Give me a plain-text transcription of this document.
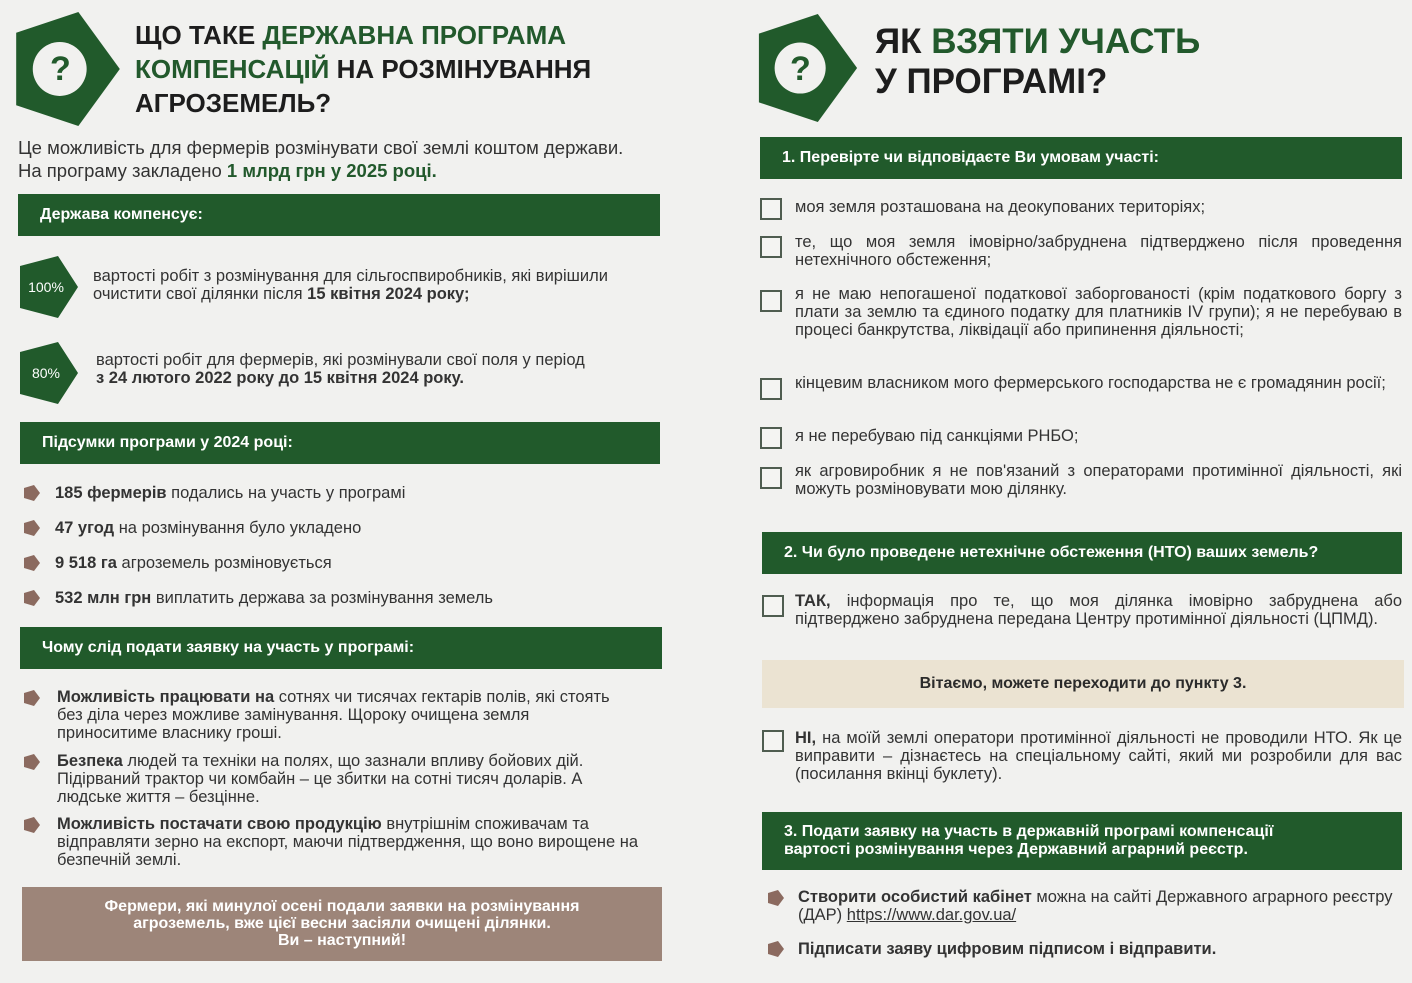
?
ЩО ТАКЕ ДЕРЖАВНА ПРОГРАМА
КОМПЕНСАЦІЙ НА РОЗМІНУВАННЯ
АГРОЗЕМЕЛЬ?
Це можливість для фермерів розмінувати свої землі коштом держави. На програму закладено 1 млрд грн у 2025 році.
Держава компенсує:
100%
вартості робіт з розмінування для сільгоспвиробників, які вирішили очистити свої ділянки після 15 квітня 2024 року;
80%
вартості робіт для фермерів, які розмінували свої поля у період з 24 лютого 2022 року до 15 квітня 2024 року.
Підсумки програми у 2024 році:
185 фермерів подались на участь у програмі
47 угод на розмінування було укладено
9 518 га агроземель розміновується
532 млн грн виплатить держава за розмінування земель
Чому слід подати заявку на участь у програмі:
Можливість працювати на сотнях чи тисячах гектарів полів, які стоять без діла через можливе замінування. Щороку очищена земля приноситиме власнику гроші.
Безпека людей та техніки на полях, що зазнали впливу бойових дій. Підірваний трактор чи комбайн – це збитки на сотні тисяч доларів. А людське життя – безцінне.
Можливість постачати свою продукцію внутрішнім споживачам та відправляти зерно на експорт, маючи підтвердження, що воно вирощене на безпечній землі.
Фермери, які минулої осені подали заявки на розмінування
агроземель, вже цієї весни засіяли очищені ділянки.
Ви – наступний!
?
ЯК ВЗЯТИ УЧАСТЬ
У ПРОГРАМІ?
1. Перевірте чи відповідаєте Ви умовам участі:
моя земля розташована на деокупованих територіях;
те, що моя земля імовірно/забруднена підтверджено після проведення нетехнічного обстеження;
я не маю непогашеної податкової заборгованості (крім податкового боргу з плати за землю та єдиного податку для платників IV групи); я не перебуваю в процесі банкрутства, ліквідації або припинення діяльності;
кінцевим власником мого фермерського господарства не є громадянин росії;
я не перебуваю під санкціями РНБО;
як агровиробник я не пов'язаний з операторами протимінної діяльності, які можуть розміновувати мою ділянку.
2. Чи було проведене нетехнічне обстеження (НТО) ваших земель?
ТАК, інформація про те, що моя ділянка імовірно забруднена або підтверджено забруднена передана Центру протимінної діяльності (ЦПМД).
Вітаємо, можете переходити до пункту 3.
НІ, на моїй землі оператори протимінної діяльності не проводили НТО. Як це виправити – дізнаєтесь на спеціальному сайті, який ми розробили для вас (посилання вкінці буклету).
3. Подати заявку на участь в державній програмі компенсації
вартості розмінування через Державний аграрний реєстр.
Створити особистий кабінет можна на сайті Державного аграрного реєстру (ДАР) https://www.dar.gov.ua/
Підписати заяву цифровим підписом і відправити.
